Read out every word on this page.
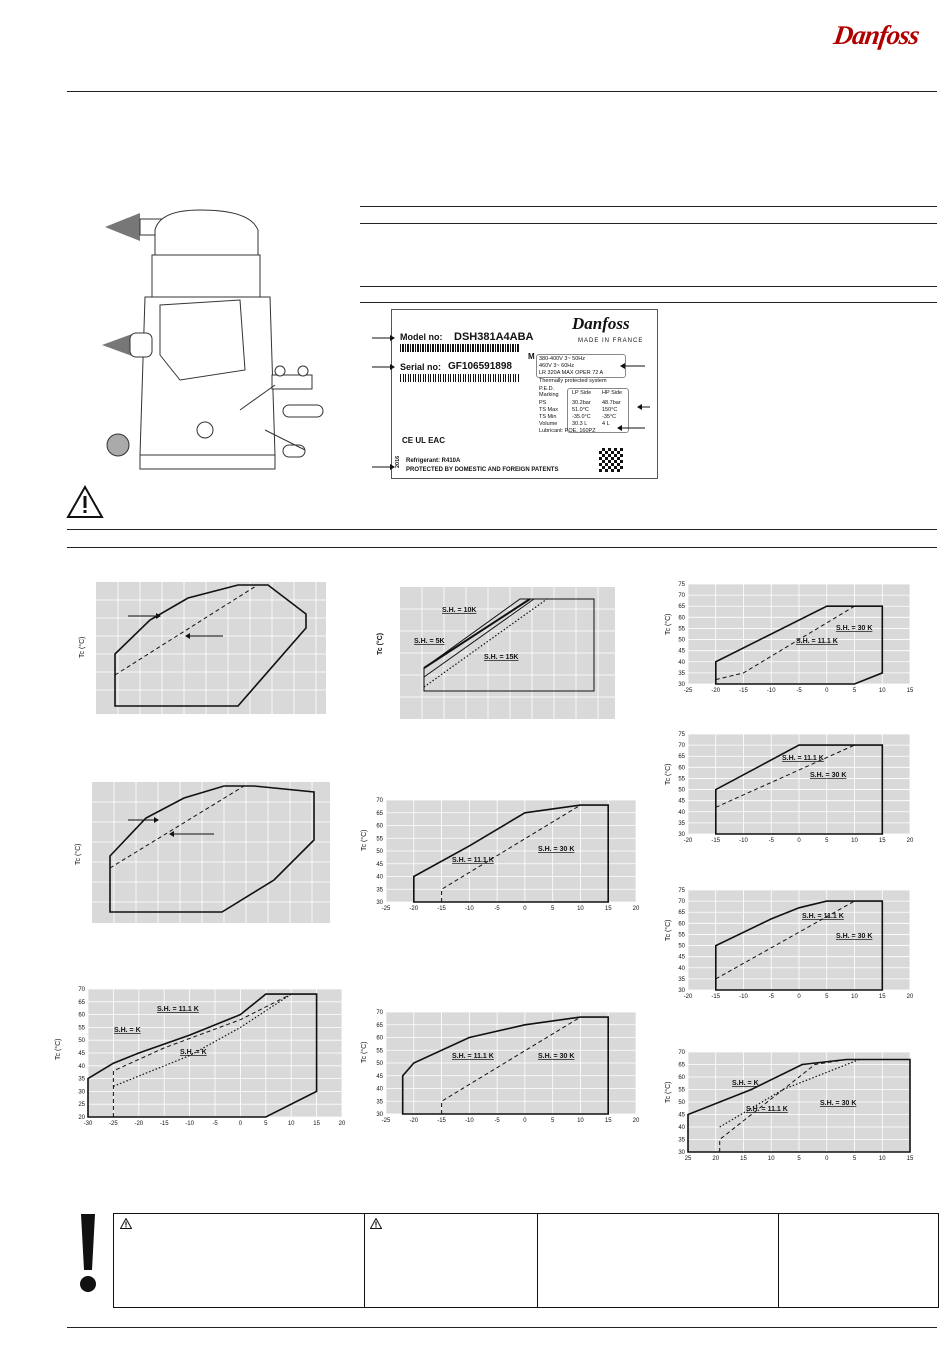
Danfoss
Danfoss
MADE IN FRANCE
Model no: DSH381A4ABA
Serial no: GF106591898
M 380-400V 3~ 50Hz
460V 3~ 60Hz
LR 320A MAX OPER 72 A
Thermally protected system
P.E.D.
Marking LP Side HP Side
PS	30.2bar 48.7bar
TS Max	51.0°C 150°C
TS Min	-35.0°C -35°C
Volume	30.3 L	4 L
Lubricant: POE, 160PZ
CE UL EAC
2016 Refrigerant: R410A
PROTECTED BY DOMESTIC AND FOREIGN PATENTS
Tc (°C)
Tc (°C)
Tc (°C)
20
25
30
35
40
45
50
55
60
65
70
-30	-25	-20	-15	-10	-5	0	5	10	15	20
S.H. = 11.1 K
S.H. = K
S.H. = K
Tc (°C)
S.H. = 10K
S.H. = 5K
S.H. = 15K
Tc (°C)
30
35
40
45
50
55
60
65
70
-25	-20	-15	-10	-5	0	5	10	15	20
S.H. = 11.1 K
S.H. = 30 K
Tc (°C)
30
35
40
45
50
55
60
65
70
-25	-20	-15	-10	-5	0	5	10	15	20
S.H. = 11.1 K	S.H. = 30 K
Tc (°C)
30
35
40
45
50
55
60
65
70
75
-25	-20	-15	-10	-5	0	5	10	15
S.H. = 30 K
S.H. = 11.1 K
Tc (°C)
30
35
40
45
50
55
60
65
70
75
-20	-15	-10	-5	0	5	10	15	20
S.H. = 11.1 K
S.H. = 30 K
Tc (°C)
30
35
40
45
50
55
60
65
70
75
-20	-15	-10	-5	0	5	10	15	20
S.H. = 11.1 K
S.H. = 30 K
Tc (°C)
30
35
40
45
50
55
60
65
70
25	20	15	10	5	0	5	10	15
S.H. = K
S.H. = 11.1 K
S.H. = 30 K
